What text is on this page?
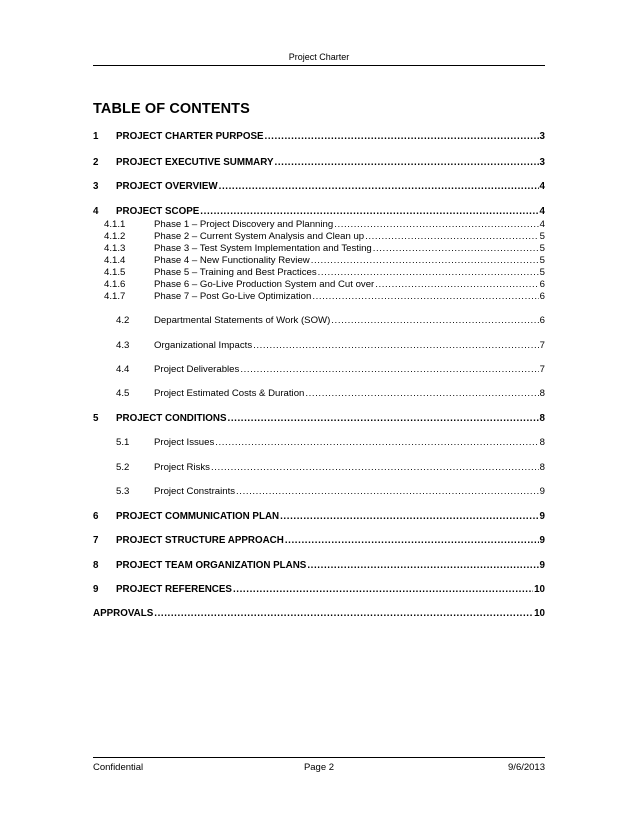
Project Charter
TABLE OF CONTENTS
1	PROJECT CHARTER PURPOSE .....	3
2	PROJECT EXECUTIVE SUMMARY .....	3
3	PROJECT OVERVIEW .....	4
4	PROJECT SCOPE .....	4
4.1.1	Phase 1 – Project Discovery and Planning .....	4
4.1.2	Phase 2 – Current System Analysis and Clean up .....	5
4.1.3	Phase 3 – Test System Implementation and Testing .....	5
4.1.4	Phase 4 – New Functionality Review .....	5
4.1.5	Phase 5 – Training and Best Practices .....	5
4.1.6	Phase 6 – Go-Live Production System and Cut over .....	6
4.1.7	Phase 7 – Post Go-Live Optimization .....	6
4.2	Departmental Statements of Work (SOW) .....	6
4.3	Organizational Impacts .....	7
4.4	Project Deliverables .....	7
4.5	Project Estimated Costs & Duration .....	8
5	PROJECT CONDITIONS .....	8
5.1	Project Issues .....	8
5.2	Project Risks .....	8
5.3	Project Constraints .....	9
6	PROJECT COMMUNICATION PLAN .....	9
7	PROJECT STRUCTURE APPROACH .....	9
8	PROJECT TEAM ORGANIZATION PLANS .....	9
9	PROJECT REFERENCES .....	10
APPROVALS .....	10
Confidential	Page 2	9/6/2013
